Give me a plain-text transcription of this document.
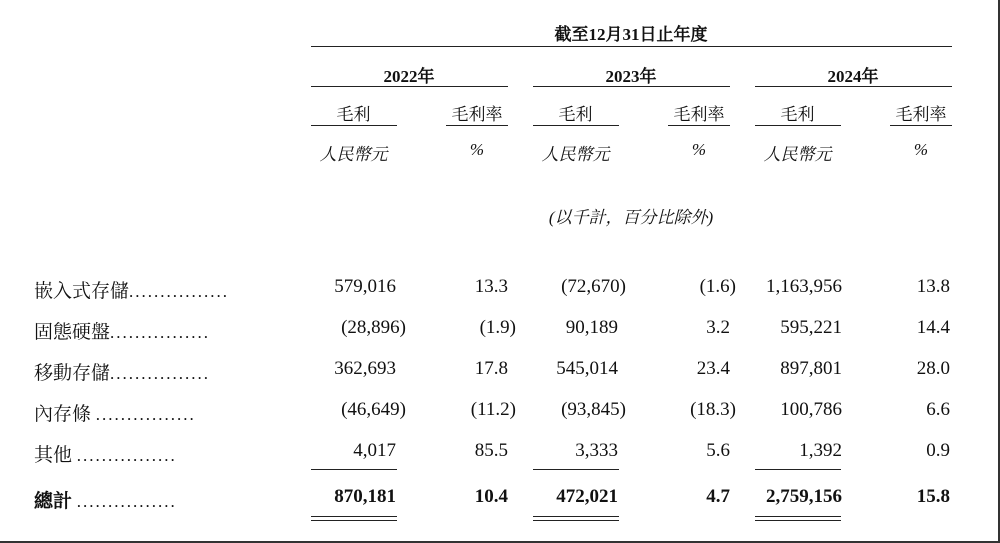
截至12月31日止年度
2022年	2023年	2024年
毛利	毛利率	毛利	毛利率	毛利	毛利率
人民幣元	%	人民幣元	%	人民幣元	%
(以千計，百分比除外)
嵌入式存儲................	579,016	13.3	(72,670)	(1.6) 1,163,956	13.8
固態硬盤................	(28,896)	(1.9)	90,189	3.2	595,221	14.4
移動存儲................	362,693	17.8	545,014	23.4	897,801	28.0
內存條 ................	(46,649)	(11.2) (93,845)	(18.3) 100,786	6.6
其他 ................	4,017	85.5	3,333	5.6	1,392	0.9
總計 ................	870,181	10.4	472,021	4.7 2,759,156	15.8
